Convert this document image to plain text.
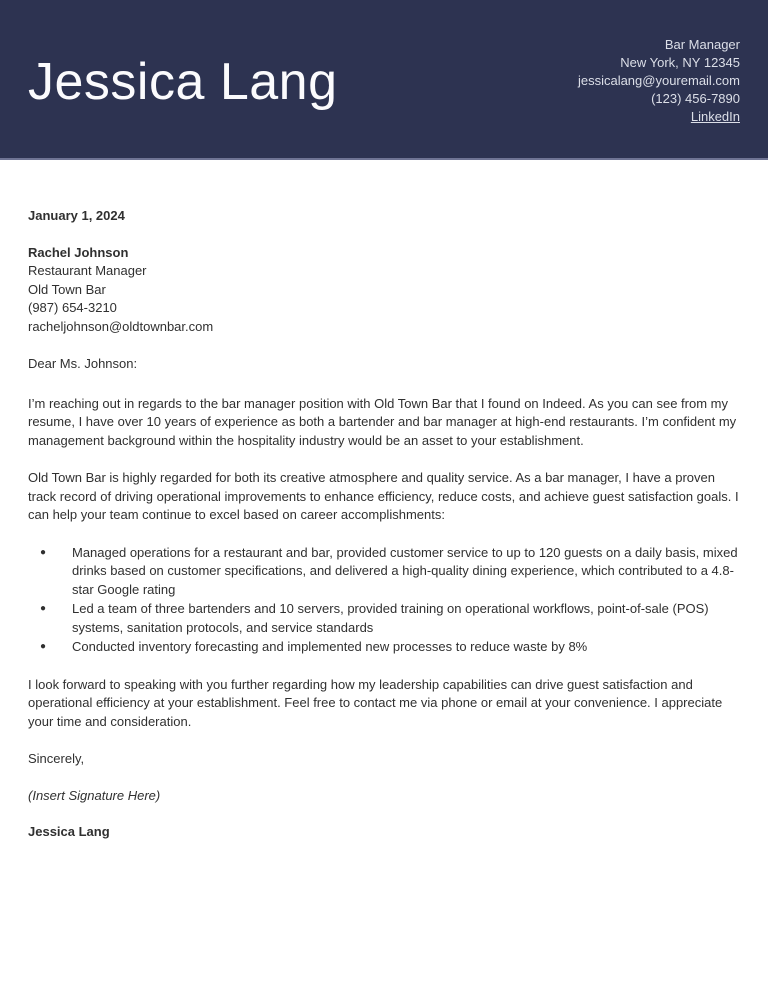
Jessica Lang
Bar Manager
New York, NY 12345
jessicalang@youremail.com
(123) 456-7890
LinkedIn
January 1, 2024
Rachel Johnson
Restaurant Manager
Old Town Bar
(987) 654-3210
racheljohnson@oldtownbar.com
Dear Ms. Johnson:
I’m reaching out in regards to the bar manager position with Old Town Bar that I found on Indeed. As you can see from my resume, I have over 10 years of experience as both a bartender and bar manager at high-end restaurants. I’m confident my management background within the hospitality industry would be an asset to your establishment.
Old Town Bar is highly regarded for both its creative atmosphere and quality service. As a bar manager, I have a proven track record of driving operational improvements to enhance efficiency, reduce costs, and achieve guest satisfaction goals. I can help your team continue to excel based on career accomplishments:
● Managed operations for a restaurant and bar, provided customer service to up to 120 guests on a daily basis, mixed drinks based on customer specifications, and delivered a high-quality dining experience, which contributed to a 4.8-star Google rating
● Led a team of three bartenders and 10 servers, provided training on operational workflows, point-of-sale (POS) systems, sanitation protocols, and service standards
● Conducted inventory forecasting and implemented new processes to reduce waste by 8%
I look forward to speaking with you further regarding how my leadership capabilities can drive guest satisfaction and operational efficiency at your establishment. Feel free to contact me via phone or email at your convenience. I appreciate your time and consideration.
Sincerely,
(Insert Signature Here)
Jessica Lang
